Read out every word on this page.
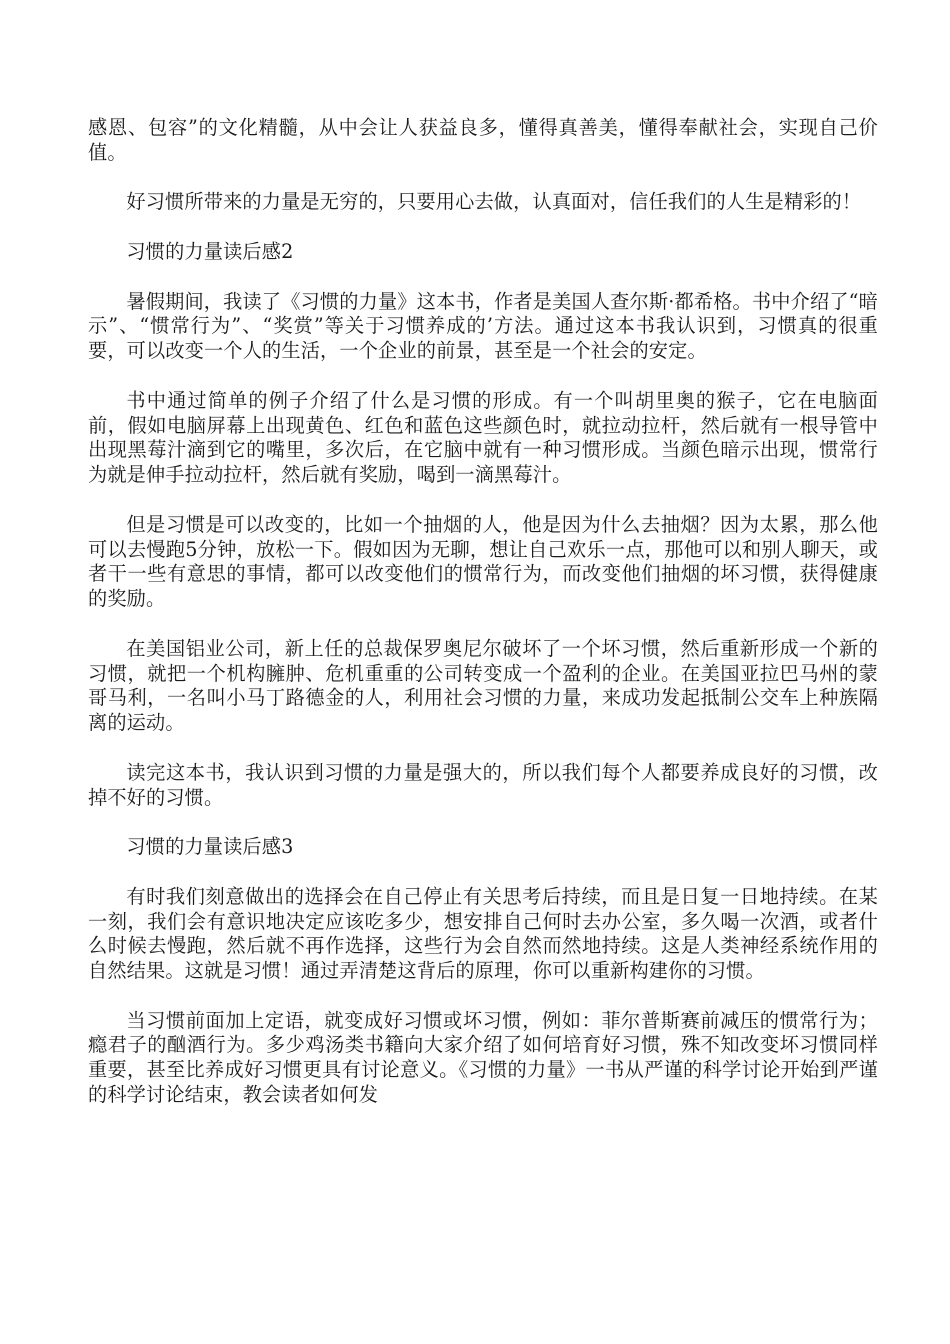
感恩、包容”的文化精髓，从中会让人获益良多，懂得真善美，懂得奉献社会，实现自己价值。

好习惯所带来的力量是无穷的，只要用心去做，认真面对，信任我们的人生是精彩的！

习惯的力量读后感2

暑假期间，我读了《习惯的力量》这本书，作者是美国人查尔斯·都希格。书中介绍了“暗示”、“惯常行为”、“奖赏”等关于习惯养成的’方法。通过这本书我认识到，习惯真的很重要，可以改变一个人的生活，一个企业的前景，甚至是一个社会的安定。

书中通过简单的例子介绍了什么是习惯的形成。有一个叫胡里奥的猴子，它在电脑面前，假如电脑屏幕上出现黄色、红色和蓝色这些颜色时，就拉动拉杆，然后就有一根导管中出现黑莓汁滴到它的嘴里，多次后，在它脑中就有一种习惯形成。当颜色暗示出现，惯常行为就是伸手拉动拉杆，然后就有奖励，喝到一滴黑莓汁。

但是习惯是可以改变的，比如一个抽烟的人，他是因为什么去抽烟？因为太累，那么他可以去慢跑5分钟，放松一下。假如因为无聊，想让自己欢乐一点，那他可以和别人聊天，或者干一些有意思的事情，都可以改变他们的惯常行为，而改变他们抽烟的坏习惯，获得健康的奖励。

在美国铝业公司，新上任的总裁保罗奥尼尔破坏了一个坏习惯，然后重新形成一个新的习惯，就把一个机构臃肿、危机重重的公司转变成一个盈利的企业。在美国亚拉巴马州的蒙哥马利，一名叫小马丁路德金的人，利用社会习惯的力量，来成功发起抵制公交车上种族隔离的运动。

读完这本书，我认识到习惯的力量是强大的，所以我们每个人都要养成良好的习惯，改掉不好的习惯。

习惯的力量读后感3

有时我们刻意做出的选择会在自己停止有关思考后持续，而且是日复一日地持续。在某一刻，我们会有意识地决定应该吃多少，想安排自己何时去办公室，多久喝一次酒，或者什么时候去慢跑，然后就不再作选择，这些行为会自然而然地持续。这是人类神经系统作用的自然结果。这就是习惯！通过弄清楚这背后的原理，你可以重新构建你的习惯。

当习惯前面加上定语，就变成好习惯或坏习惯，例如：菲尔普斯赛前减压的惯常行为；瘾君子的酗酒行为。多少鸡汤类书籍向大家介绍了如何培育好习惯，殊不知改变坏习惯同样重要，甚至比养成好习惯更具有讨论意义。《习惯的力量》一书从严谨的科学讨论开始到严谨的科学讨论结束，教会读者如何发
